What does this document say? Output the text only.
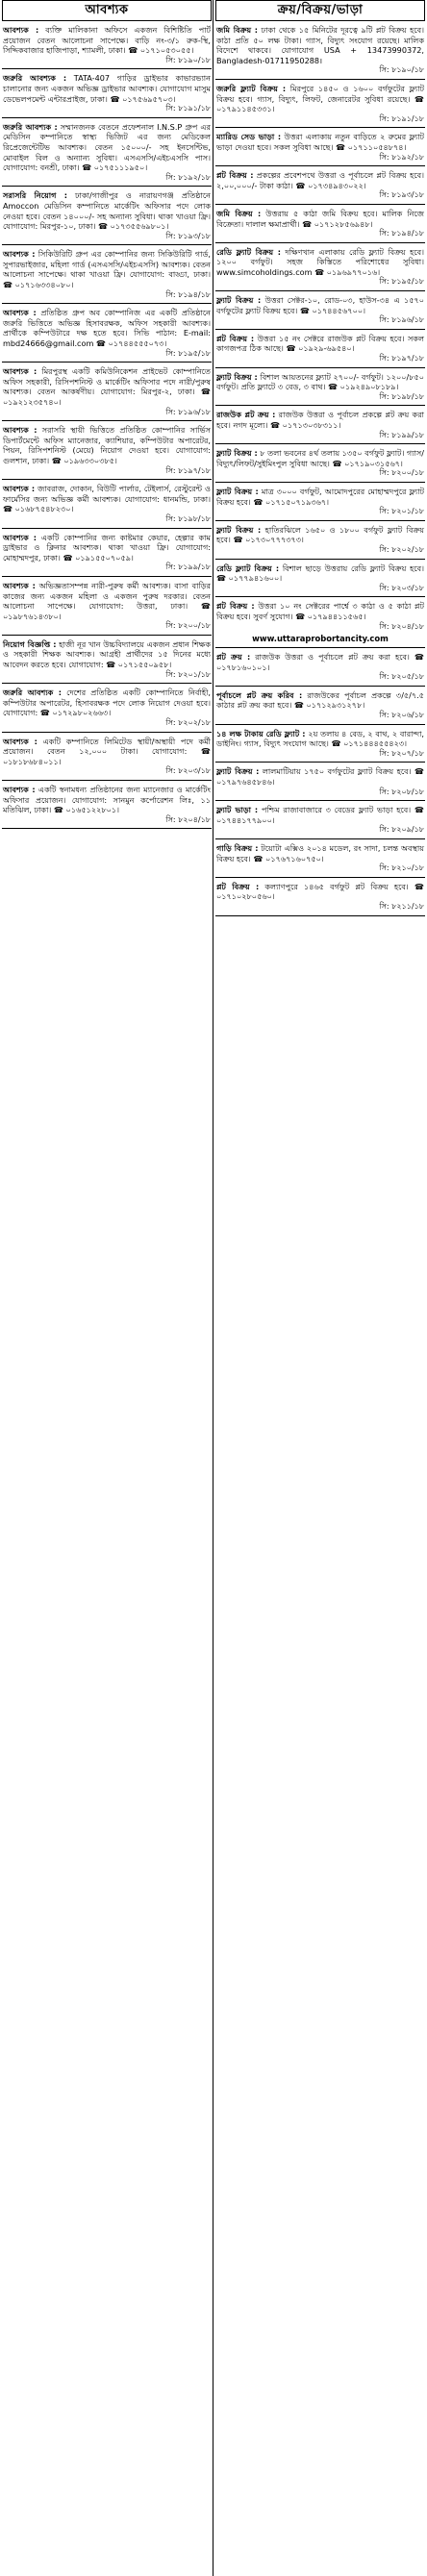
আবশ্যক
আবশ্যক : ব্যক্তি মালিকানা অফিসে একজন বিশিষ্টিতি পার্ট প্রয়োজন বেতন আলোচনা সাপেক্ষে। বাড়ি নং-৩/১ রুক-স্থি, সিদ্দিকবাজার হাজিপাড়া, শ্যামলী, ঢাকা। ☎ ০১৭১০৫৩০৫৫।
সি: ৮১৯০/১৮
জরুরি আবশ্যক : TATA-407 গাড়ির ড্রাইভার কাভারভ্যান চালানোর জন্য একজন অভিজ্ঞ ড্রাইভার আবশ্যক। যোগাযোগ মাসুম ডেভেলপমেন্ট এন্টারপ্রাইজ, ঢাকা। ☎ ০১৭৫৬৯৫৭০৩।
সি: ৮১৯১/১৮
জরুরি আবশ্যক : সম্মানজনক বেতনে প্রফেশনাল I.N.S.P গ্রুপ এর মেডিসিন কম্পানিতে স্বাস্থ্য ভিজিট এর জন্য মেডিকেল রিপ্রেজেন্টেটিভ আবশ্যক। বেতন ১৫০০০/- সহ ইনসেন্টিভ, মোবাইল বিল ও অন্যান্য সুবিধা। এসএসসি/এইচএসসি পাস। যোগাযোগ: বনশ্রী, ঢাকা। ☎ ০১৭৫১১১৯৫০।
সি: ৮১৯২/১৮
সরাসরি নিয়োগ : ঢাকা/গাজীপুর ও নারায়ণগঞ্জ প্রতিষ্ঠানে Amoccon মেডিসিন কম্পানিতে মার্কেটিং অফিসার পদে লোক নেওয়া হবে। বেতন ১৪০০০/- সহ অন্যান্য সুবিধা। থাকা খাওয়া ফ্রি। যোগাযোগ: মিরপুর-১০, ঢাকা। ☎ ০১৭৩৫৫৬৯৮০১।
সি: ৮১৯৩/১৮
আবশ্যক : সিকিউরিটি গ্রুপ এর কোম্পানির জন্য সিকিউরিটি গার্ড, সুপারভাইজার, মহিলা গার্ড (এসএসসি/এইচএসসি) আবশ্যক। বেতন আলোচনা সাপেক্ষে। থাকা খাওয়া ফ্রি। যোগাযোগ: বাড্ডা, ঢাকা। ☎ ০১৭১৬৩৩৪০৮০।
সি: ৮১৯৪/১৮
আবশ্যক : প্রতিষ্ঠিত গ্রুপ অব কোম্পানিজ এর একটি প্রতিষ্ঠানে জরুরি ভিত্তিতে অভিজ্ঞ হিসাবরক্ষক, অফিস সহকারী আবশ্যক। প্রার্থীকে কম্পিউটারে দক্ষ হতে হবে। সিভি পাঠান: E-mail: mbd24666@gmail.com ☎ ০১৭৪৪৫৫৫০৭৩।
সি: ৮১৯৫/১৮
আবশ্যক : মিরপুরস্থ একটি কমিউনিকেশন প্রাইভেট কোম্পানিতে অফিস সহকারী, রিসিপশনিস্ট ও মার্কেটিং অফিসার পদে নারী/পুরুষ আবশ্যক। বেতন আকর্ষণীয়। যোগাযোগ: মিরপুর-২, ঢাকা। ☎ ০১৯২১২৩৫৭৪০।
সি: ৮১৯৬/১৮
আবশ্যক : সরাসরি স্থায়ী ভিত্তিতে প্রতিষ্ঠিত কোম্পানির সার্ভিস ডিপার্টমেন্টে অফিস ম্যানেজার, ক্যাশিয়ার, কম্পিউটার অপারেটর, পিয়ন, রিসিপশনিস্ট (মেয়ে) নিয়োগ দেওয়া হবে। যোগাযোগ: গুলশান, ঢাকা। ☎ ০১৯৬৩৩০৩৮৫।
সি: ৮১৯৭/১৮
আবশ্যক : জাবরাজ, দোকান, বিউটি পার্লার, টেইলার্স, রেস্টুরেন্ট ও ফার্মেসির জন্য অভিজ্ঞ কর্মী আবশ্যক। যোগাযোগ: ধানমন্ডি, ঢাকা। ☎ ০১৬৮৭৫৪৮২৩০।
সি: ৮১৯৮/১৮
আবশ্যক : একটি কোম্পানির জন্য কাষ্টমার কেয়ার, হেল্পার কাম ড্রাইভার ও ক্লিনার আবশ্যক। থাকা খাওয়া ফ্রি। যোগাযোগ: মোহাম্মদপুর, ঢাকা। ☎ ০১৯১৫৫০৭০৫৯।
সি: ৮১৯৯/১৮
আবশ্যক : অভিজ্ঞতাসম্পন্ন নারী-পুরুষ কর্মী আবশ্যক। বাসা বাড়ির কাজের জন্য একজন মহিলা ও একজন পুরুষ দরকার। বেতন আলোচনা সাপেক্ষে। যোগাযোগ: উত্তরা, ঢাকা। ☎ ০১৯৮৭৬১৪৩৮০।
সি: ৮২০০/১৮
নিয়োগ বিজ্ঞপ্তি : হাজী নূর খান উচ্চবিদ্যালয়ে একজন প্রধান শিক্ষক ও সহকারী শিক্ষক আবশ্যক। আগ্রহী প্রার্থীদের ১৫ দিনের মধ্যে আবেদন করতে হবে। যোগাযোগ: ☎ ০১৭১৫৫০৯৫৮।
সি: ৮২০১/১৮
জরুরি আবশ্যক : দেশের প্রতিষ্ঠিত একটি কোম্পানিতে নির্বাহী, কম্পিউটার অপারেটর, হিসাবরক্ষক পদে লোক নিয়োগ দেওয়া হবে। যোগাযোগ: ☎ ০১৭২৯৮০২৬৬৩।
সি: ৮২০২/১৮
আবশ্যক : একটি কম্পানিতে লিমিটেড স্থায়ী/অস্থায়ী পদে কর্মী প্রয়োজন। বেতন ১২,০০০ টাকা। যোগাযোগ: ☎ ০১৮১৮৬৮৪০১১।
সি: ৮২০৩/১৮
আবশ্যক : একটি স্বনামধন্য প্রতিষ্ঠানের জন্য ম্যানেজার ও মার্কেটিং অফিসার প্রয়োজন। যোগাযোগ: সানমুন কর্পোরেশন লিঃ, ১১ মতিঝিল, ঢাকা। ☎ ০১৬৫১২২৮০১।
সি: ৮২০৪/১৮
ক্রয়/বিক্রয়/ভাড়া
জমি বিক্রয় : ঢাকা থেকে ১৫ মিনিটের দূরত্বে ৯টি প্লট বিক্রয় হবে। কাঠা প্রতি ৫০ লক্ষ টাকা। গ্যাস, বিদ্যুৎ সংযোগ রয়েছে। মালিক বিদেশে থাকবে। যোগাযোগ USA + 13473990372, Bangladesh-01711950288।
সি: ৮১৯০/১৮
জরুরি ফ্ল্যাট বিক্রয় : মিরপুরে ১৪৫০ ও ১৬০০ বর্গফুটের ফ্ল্যাট বিক্রয় হবে। গ্যাস, বিদ্যুৎ, লিফট, জেনারেটর সুবিধা রয়েছে। ☎ ০১৭৯১১৪৫৩৩১।
সি: ৮১৯১/১৮
ম্যারিড সেড ভাড়া : উত্তরা এলাকায় নতুন বাড়িতে ২ রুমের ফ্ল্যাট ভাড়া দেওয়া হবে। সকল সুবিধা আছে। ☎ ০১৭১১০৫৪৮৭৪।
সি: ৮১৯২/১৮
প্লট বিক্রয় : প্রকল্পের প্রবেশপথে উত্তরা ও পূর্বাচলে প্লট বিক্রয় হবে। ২,০০,০০০/- টাকা কাঠা। ☎ ০১৭৩৪৯৪৩০২২।
সি: ৮১৯৩/১৮
জমি বিক্রয় : উত্তরায় ৫ কাঠা জমি বিক্রয় হবে। মালিক নিজে বিক্রেতা। দালাল ক্ষমাপ্রার্থী। ☎ ০১৭১২৮৫৬৯৪৮।
সি: ৮১৯৪/১৮
রেডি ফ্ল্যাট বিক্রয় : দক্ষিণখান এলাকায় রেডি ফ্ল্যাট বিক্রয় হবে। ১২০০ বর্গফুট। সহজ কিস্তিতে পরিশোধের সুবিধা। www.simcoholdings.com ☎ ০১৯৬৯৭৭০১৬।
সি: ৮১৯৫/১৮
ফ্ল্যাট বিক্রয় : উত্তরা সেক্টর-১০, রোড-০৩, হাউস-৩৪ এ ১৫৭০ বর্গফুটের ফ্ল্যাট বিক্রয় হবে। ☎ ০১৭৪৪৫৬৭০০।
সি: ৮১৯৬/১৮
প্লট বিক্রয় : উত্তরা ১৫ নং সেক্টরে রাজউক প্লট বিক্রয় হবে। সকল কাগজপত্র ঠিক আছে। ☎ ০১৯২৯-৬৯৫৪০।
সি: ৮১৯৭/১৮
ফ্ল্যাট বিক্রয় : বিশাল আয়তনের ফ্ল্যাট ২৭০০/- বর্গফুট। ১২০০/৮৫০ বর্গফুট। প্রতি ফ্ল্যাটে ৩ বেড, ৩ বাথ। ☎ ০১৯২৪৯০৮১৮৯।
সি: ৮১৯৮/১৮
রাজউক প্লট ক্রয় : রাজউক উত্তরা ও পূর্বাচল প্রকল্পে প্লট ক্রয় করা হবে। নগদ মূল্যে। ☎ ০১৭১৩০৩৮৩১১।
সি: ৮১৯৯/১৮
ফ্ল্যাট বিক্রয় : ৮ তলা ভবনের ৪র্থ তলায় ১৩৫০ বর্গফুট ফ্ল্যাট। গ্যাস/বিদ্যুৎ/লিফট/সুইমিংপুল সুবিধা আছে। ☎ ০১৭১৯০৩১৫৬৭।
সি: ৮২০০/১৮
ফ্ল্যাট বিক্রয় : মাত্র ৩০০০ বর্গফুট, আমোদপুরের মোহাম্মদপুরে ফ্ল্যাট বিক্রয় হবে। ☎ ০১৭১৫০৭১৯৩৬৭।
সি: ৮২০১/১৮
ফ্ল্যাট বিক্রয় : হাতিরঝিলে ১৬৫০ ও ১৮০০ বর্গফুট ফ্ল্যাট বিক্রয় হবে। ☎ ০১৭৩০৭৭৭৩৭৩।
সি: ৮২০২/১৮
রেডি ফ্ল্যাট বিক্রয় : বিশাল ছাড়ে উত্তরায় রেডি ফ্ল্যাট বিক্রয় হবে। ☎ ০১৭৭৯৪১৬০০।
সি: ৮২০৩/১৮
প্লট বিক্রয় : উত্তরা ১০ নং সেক্টরের পার্শ্বে ৩ কাঠা ও ৫ কাঠা প্লট বিক্রয় হবে। সুবর্ণ সুযোগ। ☎ ০১৭৯৪৪১১৫৬৫।
সি: ৮২০৪/১৮
www.uttaraprobortancity.com
প্লট ক্রয় : রাজউক উত্তরা ও পূর্বাচলে প্লট ক্রয় করা হবে। ☎ ০১৭৮১৬০১০১।
সি: ৮২০৫/১৮
পূর্বাচলে প্লট ক্রয় করিব : রাজউকের পূর্বাচল প্রকল্পে ৩/৫/৭.৫ কাঠার প্লট ক্রয় করা হবে। ☎ ০১৭১২৯৩১২৭৮।
সি: ৮২০৬/১৮
১৪ লক্ষ টাকায় রেডি ফ্ল্যাট : ২য় তলায় ৪ বেড, ২ বাথ, ২ বারান্দা, ডাইনিং। গ্যাস, বিদ্যুৎ সংযোগ আছে। ☎ ০১৭১৪৪৪৫৫৪২৩।
সি: ৮২০৭/১৮
ফ্ল্যাট বিক্রয় : লালমাটিয়ায় ১৭৫০ বর্গফুটের ফ্ল্যাট বিক্রয় হবে। ☎ ০১৭৯৭৬৪৫৮৪৬।
সি: ৮২০৮/১৮
ফ্ল্যাট ভাড়া : পশ্চিম রাজাবাজারে ৩ বেডের ফ্ল্যাট ভাড়া হবে। ☎ ০১৭৪৪১৭৭৯০০।
সি: ৮২০৯/১৮
গাড়ি বিক্রয় : টয়োটা এক্সিও ২০১৪ মডেল, রং সাদা, চলন্ত অবস্থায় বিক্রয় হবে। ☎ ০১৭৬৭১৬০৭৫০।
সি: ৮২১০/১৮
প্লট বিক্রয় : কল্যাণপুরে ১৪৬৫ বর্গফুট প্লট বিক্রয় হবে। ☎ ০১৭১০২৮০৫৬০।
সি: ৮২১১/১৮
